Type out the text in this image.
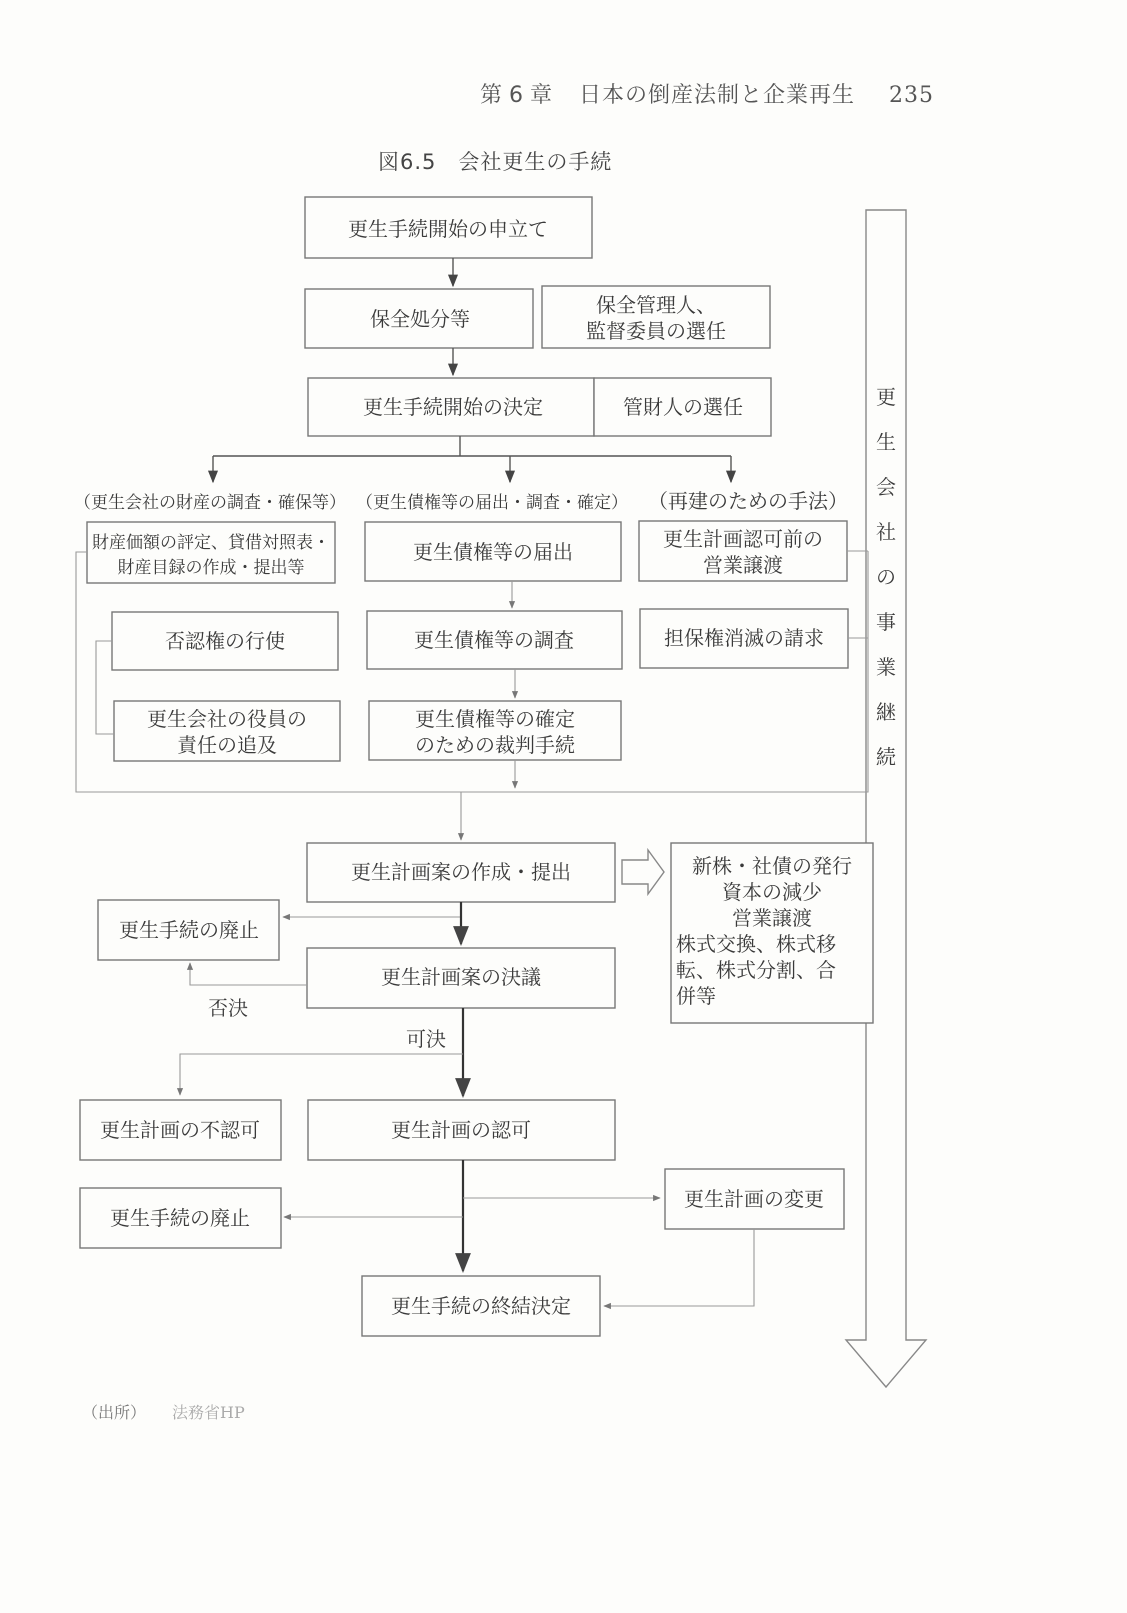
第 6 章 日本の倒産法制と企業再生 235
図6.5 会社更生の手続
更
生
会
社
の
事
業
継
続
更生手続開始の申立て
保全処分等
保全管理人、
監督委員の選任
更生手続開始の決定	管財人の選任
（更生会社の財産の調査・確保等） （更生債権等の届出・調査・確定） （再建のための手法）
財産価額の評定、貸借対照表・
財産目録の作成・提出等
否認権の行使
更生会社の役員の
責任の追及
更生債権等の届出
更生債権等の調査
更生債権等の確定
のための裁判手続
更生計画認可前の
営業譲渡
担保権消滅の請求
更生計画案の作成・提出	新株・社債の発行
資本の減少
営業譲渡
株式交換、株式移
転、株式分割、合
併等
更生手続の廃止
更生計画案の決議
否決
可決
更生計画の不認可	更生計画の認可
更生手続の廃止
更生計画の変更
更生手続の終結決定
（出所） 法務省HP
